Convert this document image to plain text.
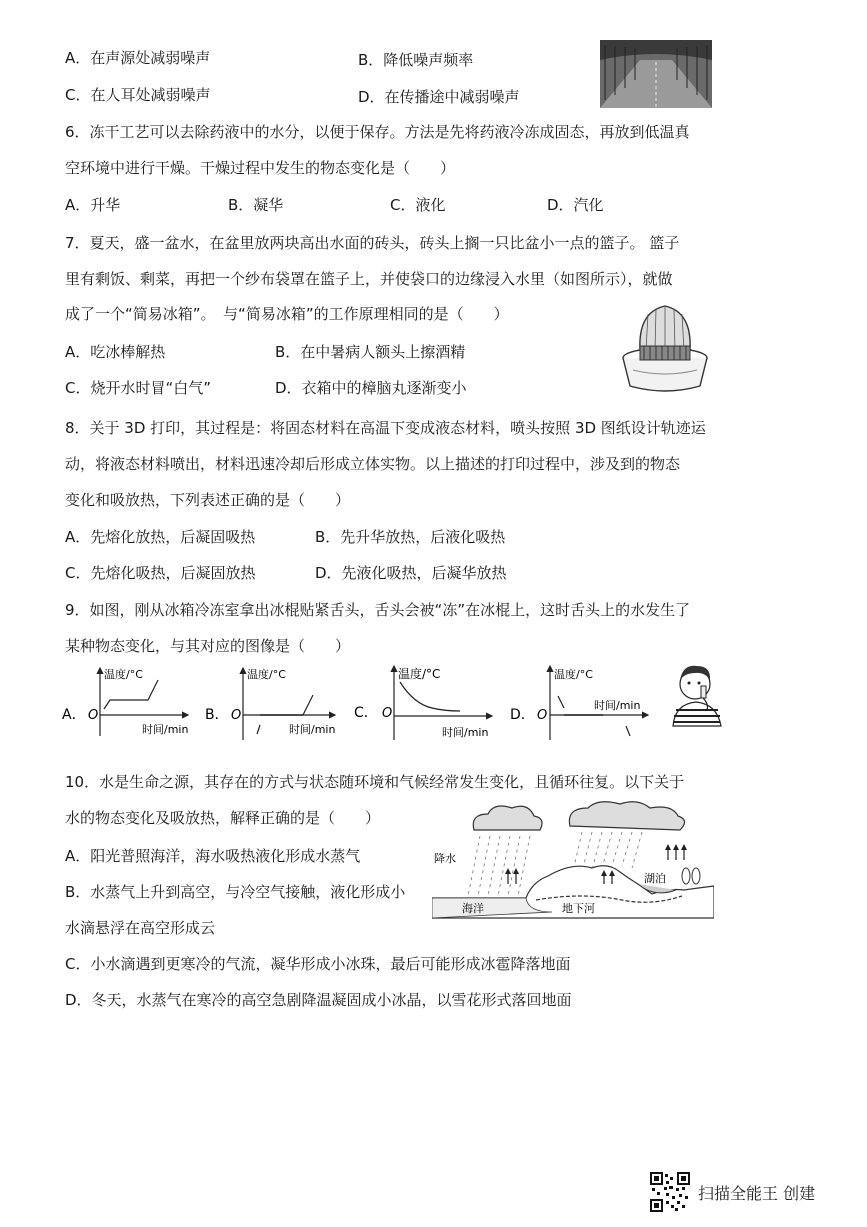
A．在声源处减弱噪声	B．降低噪声频率
C．在人耳处减弱噪声	D．在传播途中减弱噪声
6．冻干工艺可以去除药液中的水分，以便于保存。方法是先将药液冷冻成固态，再放到低温真
空环境中进行干燥。干燥过程中发生的物态变化是（　　）
A．升华	B．凝华	C．液化	D．汽化
7．夏天，盛一盆水，在盆里放两块高出水面的砖头，砖头上搁一只比盆小一点的篮子。 篮子
里有剩饭、剩菜，再把一个纱布袋罩在篮子上，并使袋口的边缘浸入水里（如图所示），就做
成了一个“简易冰箱”。　与“简易冰箱”的工作原理相同的是（　　）
A．吃冰棒解热	B．在中暑病人额头上擦酒精
C．烧开水时冒“白气”	D．衣箱中的樟脑丸逐渐变小
8．关于 3D 打印，其过程是：将固态材料在高温下变成液态材料，喷头按照 3D 图纸设计轨迹运
动，将液态材料喷出，材料迅速冷却后形成立体实物。以上描述的打印过程中，涉及到的物态
变化和吸放热，下列表述正确的是（　　）
A．先熔化放热，后凝固吸热	B．先升华放热，后液化吸热
C．先熔化吸热，后凝固放热	D．先液化吸热，后凝华放热
9．如图，刚从冰箱冷冻室拿出冰棍贴紧舌头，舌头会被“冻”在冰棍上，这时舌头上的水发生了
某种物态变化，与其对应的图像是（　　）
A． O
温度/°C
时间/min
B． O
温度/°C
时间/min
C． O
温度/°C
时间/min
D． O
温度/°C
时间/min
10．水是生命之源，其存在的方式与状态随环境和气候经常发生变化，且循环往复。以下关于
水的物态变化及吸放热，解释正确的是（　　）
A．阳光普照海洋，海水吸热液化形成水蒸气
B．水蒸气上升到高空，与冷空气接触，液化形成小
水滴悬浮在高空形成云
C．小水滴遇到更寒冷的气流，凝华形成小冰珠，最后可能形成冰雹降落地面
D．冬天，水蒸气在寒冷的高空急剧降温凝固成小冰晶，以雪花形式落回地面
降水
海洋	地下河
湖泊
扫描全能王 创建
